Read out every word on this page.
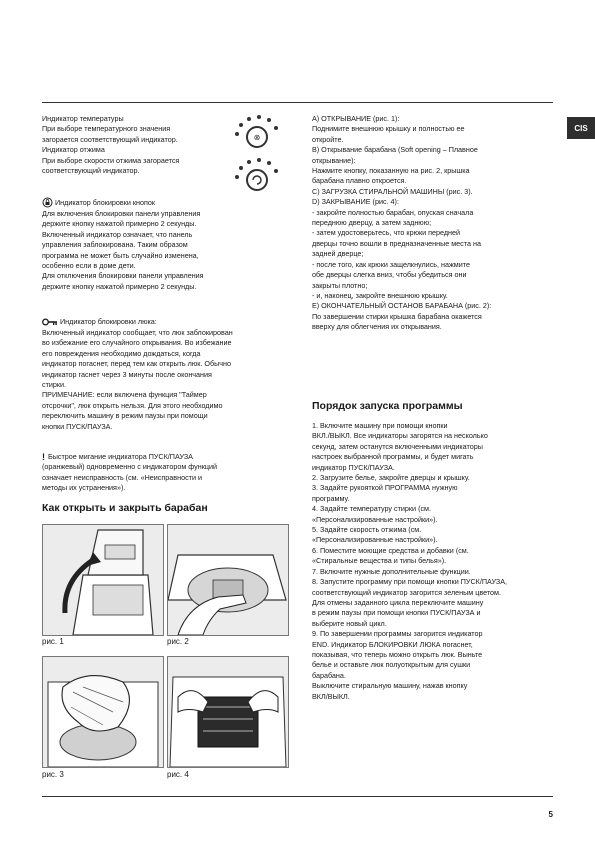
CIS
Индикатор температуры
При выборе температурного значения
загорается соответствующий индикатор.
Индикатор отжима
При выборе скорости отжима загорается
соответствующий индикатор.
⊗
Индикатор блокировки кнопок
Для включения блокировки панели управления
держите кнопку нажатой примерно 2 секунды.
Включенный индикатор означает, что панель
управления заблокирована. Таким образом
программа не может быть случайно изменена,
особенно если в доме дети.
Для отключения блокировки панели управления
держите кнопку нажатой примерно 2 секунды.
Индикатор блокировки люка:
Включенный индикатор сообщает, что люк заблокирован
во избежание его случайного открывания. Во избежание
его повреждения необходимо дождаться, когда
индикатор погаснет, перед тем как открыть люк. Обычно
индикатор гаснет через 3 минуты после окончания
стирки.
ПРИМЕЧАНИЕ: если включена функция "Таймер
отсрочки", люк открыть нельзя. Для этого необходимо
переключить машину в режим паузы при помощи
кнопки ПУСК/ПАУЗА.
! Быстрое мигание индикатора ПУСК/ПАУЗА
(оранжевый) одновременно с индикатором функций
означает неисправность (см. «Неисправности и
методы их устранения»).
Как открыть и закрыть барабан
рис. 1	рис. 2
рис. 3	рис. 4
A) ОТКРЫВАНИЕ (рис. 1):
Поднимите внешнюю крышку и полностью ее
откройте.
B) Открывание барабана (Soft opening – Плавное
открывание):
Нажмите кнопку, показанную на рис. 2, крышка
барабана плавно откроется.
C) ЗАГРУЗКА СТИРАЛЬНОЙ МАШИНЫ (рис. 3).
D) ЗАКРЫВАНИЕ (рис. 4):
- закройте полностью барабан, опуская сначала
переднюю дверцу, а затем заднюю;
- затем удостоверьтесь, что крюки передней
дверцы точно вошли в предназначенные места на
задней дверце;
- после того, как крюки защелкнулись, нажмите
обе дверцы слегка вниз, чтобы убедиться они
закрыты плотно;
- и, наконец, закройте внешнюю крышку.
E) ОКОНЧАТЕЛЬНЫЙ ОСТАНОВ БАРАБАНА (рис. 2):
По завершении стирки крышка барабана окажется
вверху для облегчения их открывания.
Порядок запуска программы
1. Включите машину при помощи кнопки
ВКЛ./ВЫКЛ. Все индикаторы загорятся на несколько
секунд, затем останутся включенными индикаторы
настроек выбранной программы, и будет мигать
индикатор ПУСК/ПАУЗА.
2. Загрузите белье, закройте дверцы и крышку.
3. Задайте рукояткой ПРОГРАММА нужную
программу.
4. Задайте температуру стирки (см.
«Персонализированные настройки»).
5. Задайте скорость отжима (см.
«Персонализированные настройки»).
6. Поместите моющие средства и добавки (см.
«Стиральные вещества и типы белья»).
7. Включите нужные дополнительные функции.
8. Запустите программу при помощи кнопки ПУСК/ПАУЗА,
соответствующий индикатор загорится зеленым цветом.
Для отмены заданного цикла переключите машину
в режим паузы при помощи кнопки ПУСК/ПАУЗА и
выберите новый цикл.
9. По завершении программы загорится индикатор
END. Индикатор БЛОКИРОВКИ ЛЮКА погаснет,
показывая, что теперь можно открыть люк. Выньте
белье и оставьте люк полуоткрытым для сушки
барабана.
Выключите стиральную машину, нажав кнопку
ВКЛ/ВЫКЛ.
5
